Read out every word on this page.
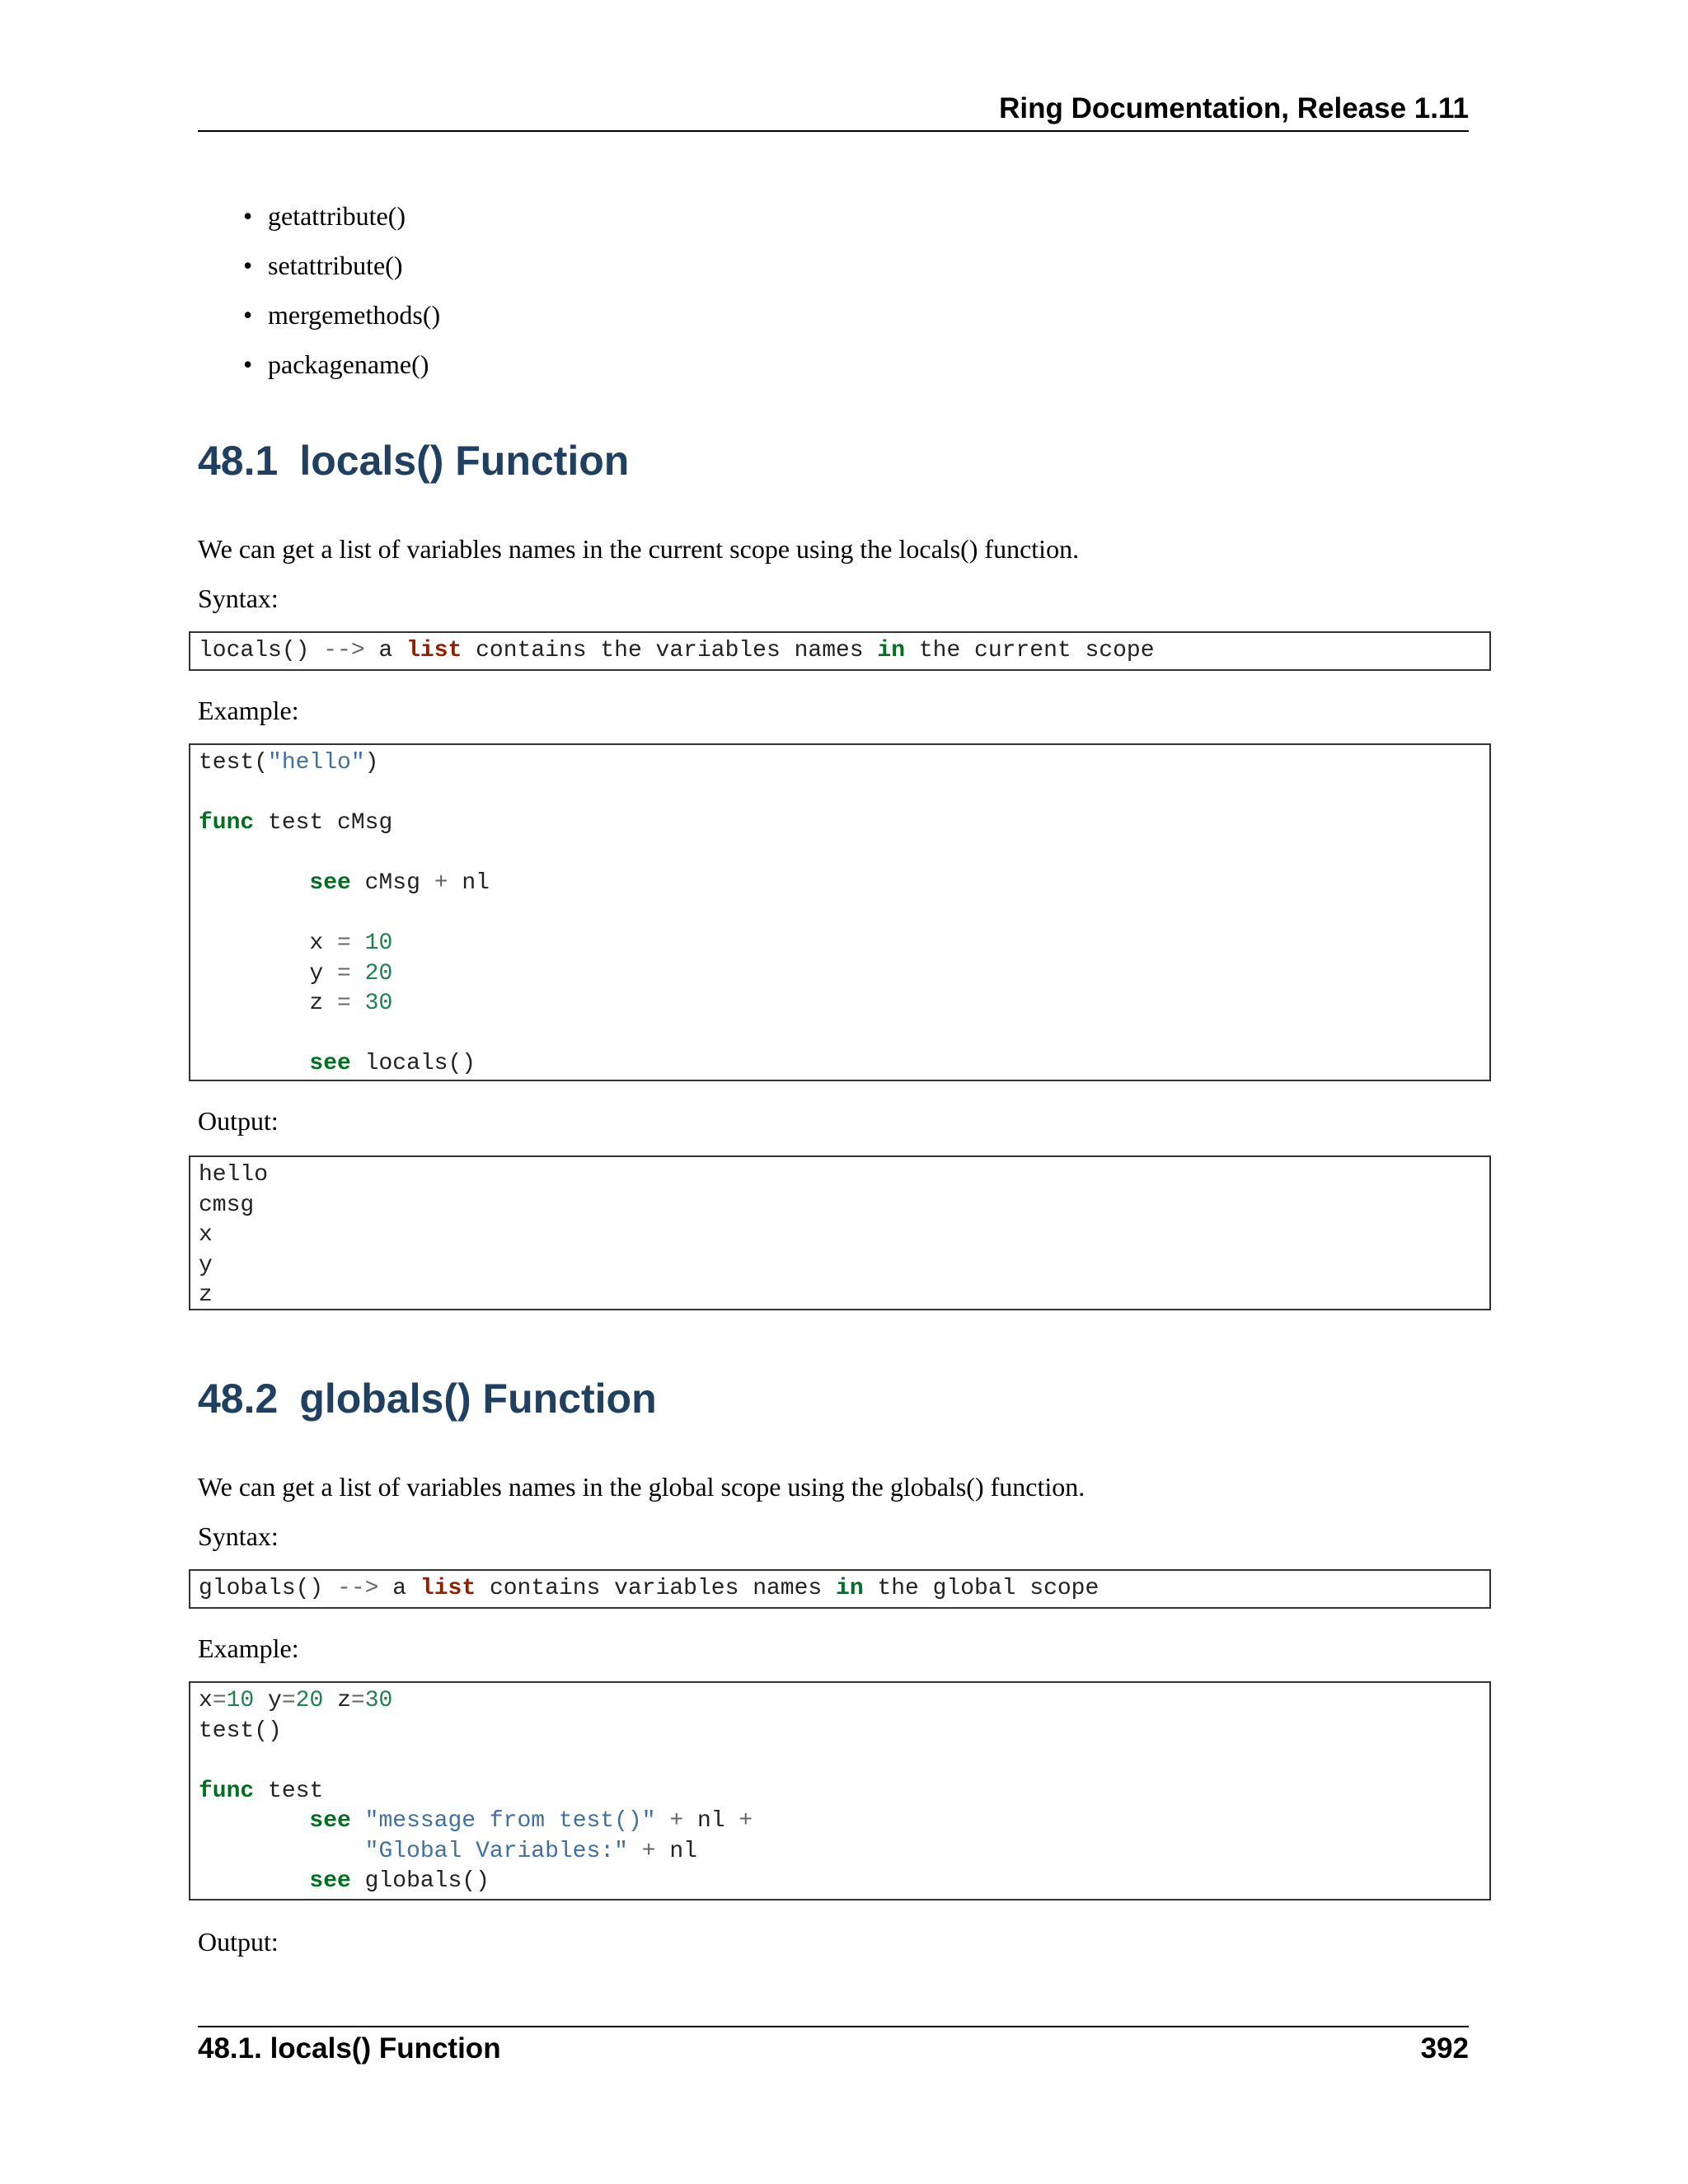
Ring Documentation, Release 1.11
• getattribute()
• setattribute()
• mergemethods()
• packagename()
48.1 locals() Function

We can get a list of variables names in the current scope using the locals() function.

Syntax:

locals() --> a list contains the variables names in the current scope

Example:

test("hello")

func test cMsg

see cMsg + nl

x = 10
y = 20
z = 30

see locals()

Output:

hello
cmsg
x
y
z
48.2 globals() Function

We can get a list of variables names in the global scope using the globals() function.

Syntax:

globals() --> a list contains variables names in the global scope

Example:

x=10 y=20 z=30
test()

func test
see "message from test()" + nl +
"Global Variables:" + nl
see globals()

Output:

48.1. locals() Function	392
